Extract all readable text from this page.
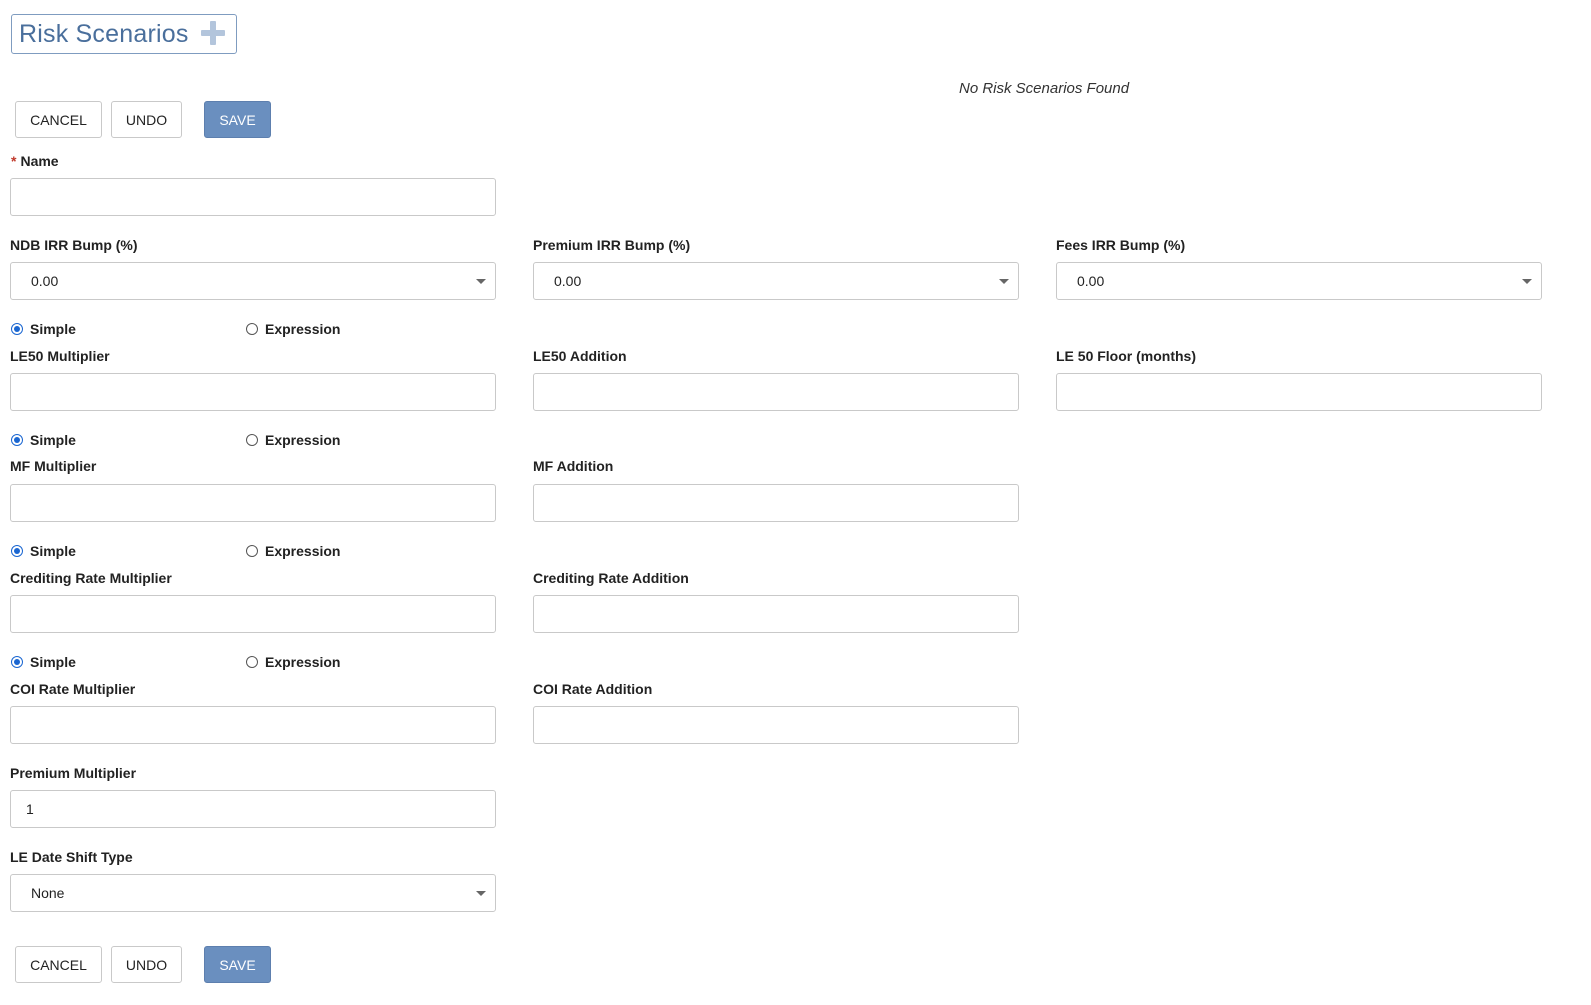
Risk Scenarios
No Risk Scenarios Found
CANCEL	UNDO	SAVE
* Name
NDB IRR Bump (%)
0.00
Premium IRR Bump (%)
0.00
Fees IRR Bump (%)
0.00
Simple	Expression
LE50 Multiplier	LE50 Addition	LE 50 Floor (months)
Simple	Expression
MF Multiplier	MF Addition
Simple	Expression
Crediting Rate Multiplier	Crediting Rate Addition
Simple	Expression
COI Rate Multiplier	COI Rate Addition
Premium Multiplier
1
LE Date Shift Type
None
CANCEL	UNDO	SAVE
